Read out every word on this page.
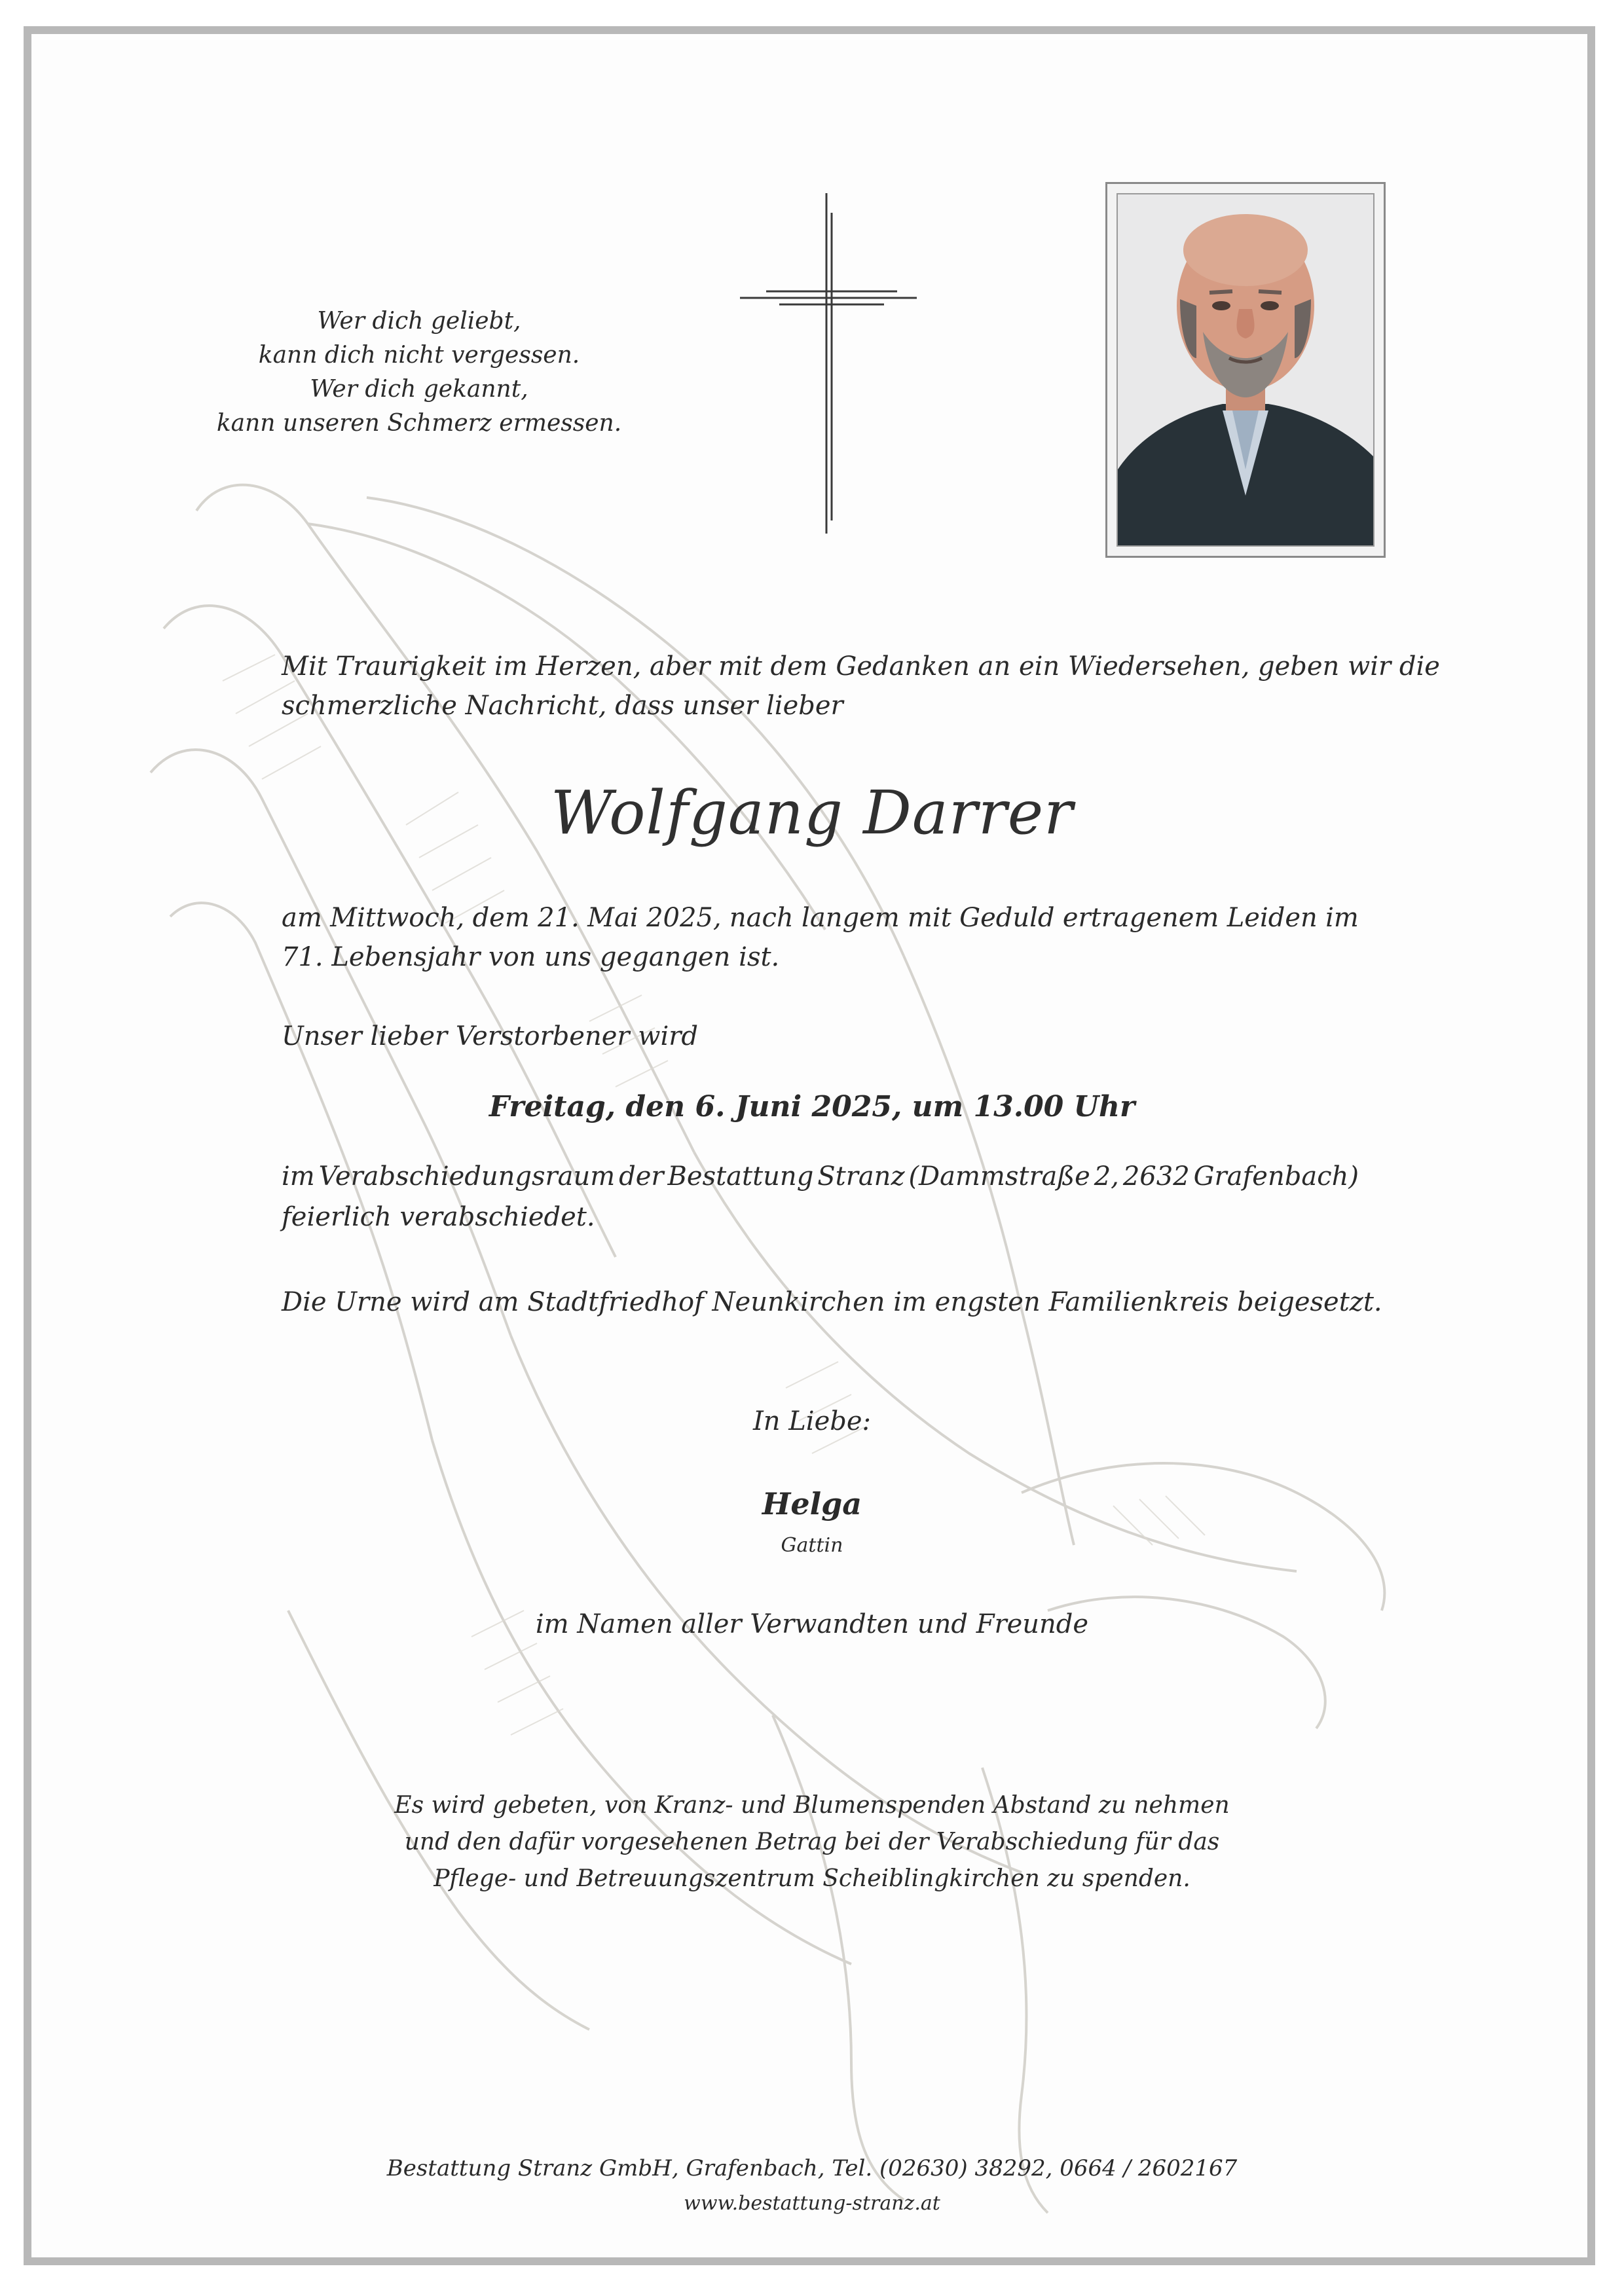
Wer dich geliebt,
kann dich nicht vergessen.
Wer dich gekannt,
kann unseren Schmerz ermessen.
Mit Traurigkeit im Herzen, aber mit dem Gedanken an ein Wiedersehen, geben wir die
schmerzliche Nachricht, dass unser lieber
Wolfgang Darrer
am Mittwoch, dem 21. Mai 2025, nach langem mit Geduld ertragenem Leiden im
71. Lebensjahr von uns gegangen ist.
Unser lieber Verstorbener wird
Freitag, den 6. Juni 2025, um 13.00 Uhr
im Verabschiedungsraum der Bestattung Stranz (Dammstraße 2, 2632 Grafenbach)
feierlich verabschiedet.
Die Urne wird am Stadtfriedhof Neunkirchen im engsten Familienkreis beigesetzt.
In Liebe:
Helga
Gattin
im Namen aller Verwandten und Freunde
Es wird gebeten, von Kranz- und Blumenspenden Abstand zu nehmen
und den dafür vorgesehenen Betrag bei der Verabschiedung für das
Pflege- und Betreuungszentrum Scheiblingkirchen zu spenden.
Bestattung Stranz GmbH, Grafenbach, Tel. (02630) 38292, 0664 / 2602167
www.bestattung-stranz.at
